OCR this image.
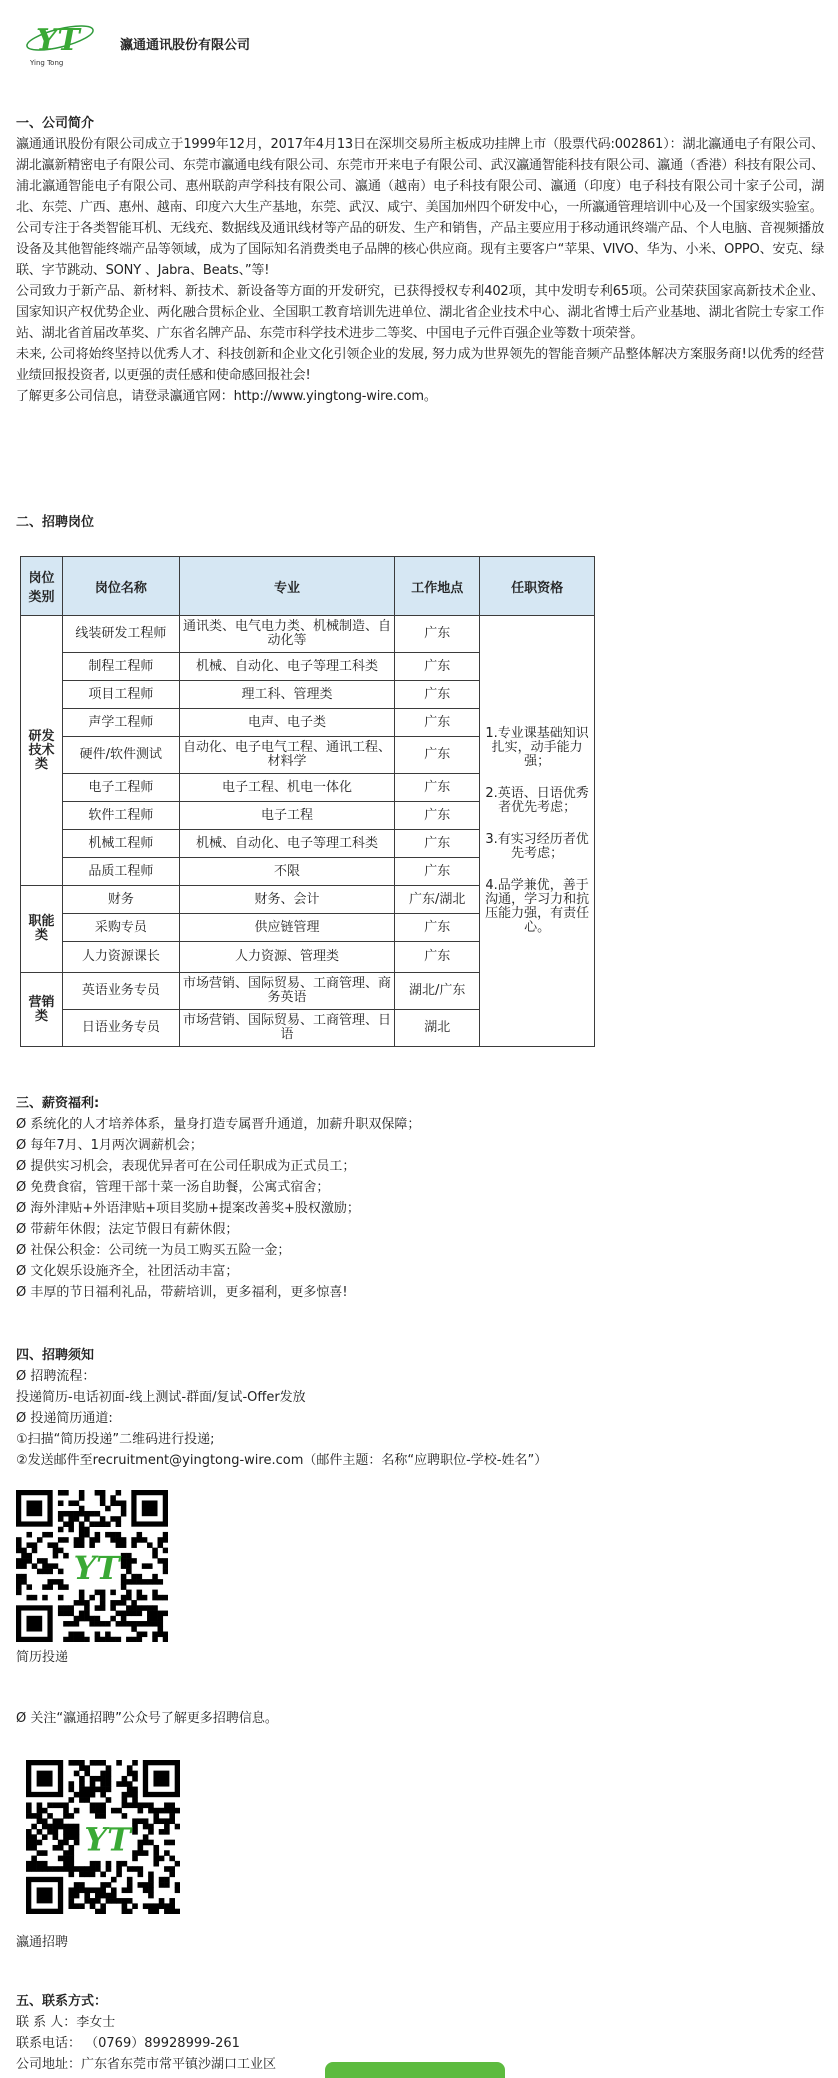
YT
Ying Tong
瀛通通讯股份有限公司
一、公司简介

瀛通通讯股份有限公司成立于1999年12月，2017年4月13日在深圳交易所主板成功挂牌上市（股票代码:002861）：湖北瀛通电子有限公司、湖北瀛新精密电子有限公司、东莞市瀛通电线有限公司、东莞市开来电子有限公司、武汉瀛通智能科技有限公司、瀛通（香港）科技有限公司、浦北瀛通智能电子有限公司、惠州联韵声学科技有限公司、瀛通（越南）电子科技有限公司、瀛通（印度）电子科技有限公司十家子公司，湖北、东莞、广西、惠州、越南、印度六大生产基地，东莞、武汉、咸宁、美国加州四个研发中心，一所瀛通管理培训中心及一个国家级实验室。

公司专注于各类智能耳机、无线充、数据线及通讯线材等产品的研发、生产和销售，产品主要应用于移动通讯终端产品、个人电脑、音视频播放设备及其他智能终端产品等领域，成为了国际知名消费类电子品牌的核心供应商。现有主要客户“苹果、VIVO、华为、小米、OPPO、安克、绿联、字节跳动、SONY 、Jabra、Beats、”等!

公司致力于新产品、新材料、新技术、新设备等方面的开发研究，已获得授权专利402项，其中发明专利65项。公司荣获国家高新技术企业、国家知识产权优势企业、两化融合贯标企业、全国职工教育培训先进单位、湖北省企业技术中心、湖北省博士后产业基地、湖北省院士专家工作站、湖北省首届改革奖、广东省名牌产品、东莞市科学技术进步二等奖、中国电子元件百强企业等数十项荣誉。

未来, 公司将始终坚持以优秀人才、科技创新和企业文化引领企业的发展, 努力成为世界领先的智能音频产品整体解决方案服务商!以优秀的经营业绩回报投资者, 以更强的责任感和使命感回报社会!

了解更多公司信息，请登录瀛通官网：http://www.yingtong-wire.com。

二、招聘岗位
岗位类别	岗位名称	专业	工作地点	任职资格
研发技术类	线装研发工程师	通讯类、电气电力类、机械制造、自动化等	广东	1.专业课基础知识扎实，动手能力强；

2.英语、日语优秀者优先考虑；

3.有实习经历者优先考虑；

4.品学兼优，善于沟通，学习力和抗压能力强，有责任心。

	制程工程师	机械、自动化、电子等理工科类	广东	
	项目工程师	理工科、管理类	广东	
	声学工程师	电声、电子类	广东	
	硬件/软件测试	自动化、电子电气工程、通讯工程、材料学	广东	
	电子工程师	电子工程、机电一体化	广东	
	软件工程师	电子工程	广东	
	机械工程师	机械、自动化、电子等理工科类	广东	
	品质工程师	不限	广东	
职能类	财务	财务、会计	广东/湖北	
	采购专员	供应链管理	广东	
	人力资源课长	人力资源、管理类	广东	
营销类	英语业务专员	市场营销、国际贸易、工商管理、商务英语	湖北/广东	
	日语业务专员	市场营销、国际贸易、工商管理、日语	湖北	
三、薪资福利:

Ø 系统化的人才培养体系，量身打造专属晋升通道，加薪升职双保障；

Ø 每年7月、1月两次调薪机会；

Ø 提供实习机会，表现优异者可在公司任职成为正式员工；

Ø 免费食宿，管理干部十菜一汤自助餐，公寓式宿舍；

Ø 海外津贴+外语津贴+项目奖励+提案改善奖+股权激励；

Ø 带薪年休假；法定节假日有薪休假；

Ø 社保公积金：公司统一为员工购买五险一金；

Ø 文化娱乐设施齐全，社团活动丰富；

Ø 丰厚的节日福利礼品，带薪培训，更多福利，更多惊喜!

四、招聘须知

Ø 招聘流程：

投递简历-电话初面-线上测试-群面/复试-Offer发放

Ø 投递简历通道:

①扫描“简历投递”二维码进行投递;

②发送邮件至recruitment@yingtong-wire.com（邮件主题：名称“应聘职位-学校-姓名”）

YT
简历投递

Ø 关注“瀛通招聘”公众号了解更多招聘信息。

YT
瀛通招聘
五、联系方式：

联 系 人：李女士

联系电话： （0769）89928999-261

公司地址：广东省东莞市常平镇沙湖口工业区
